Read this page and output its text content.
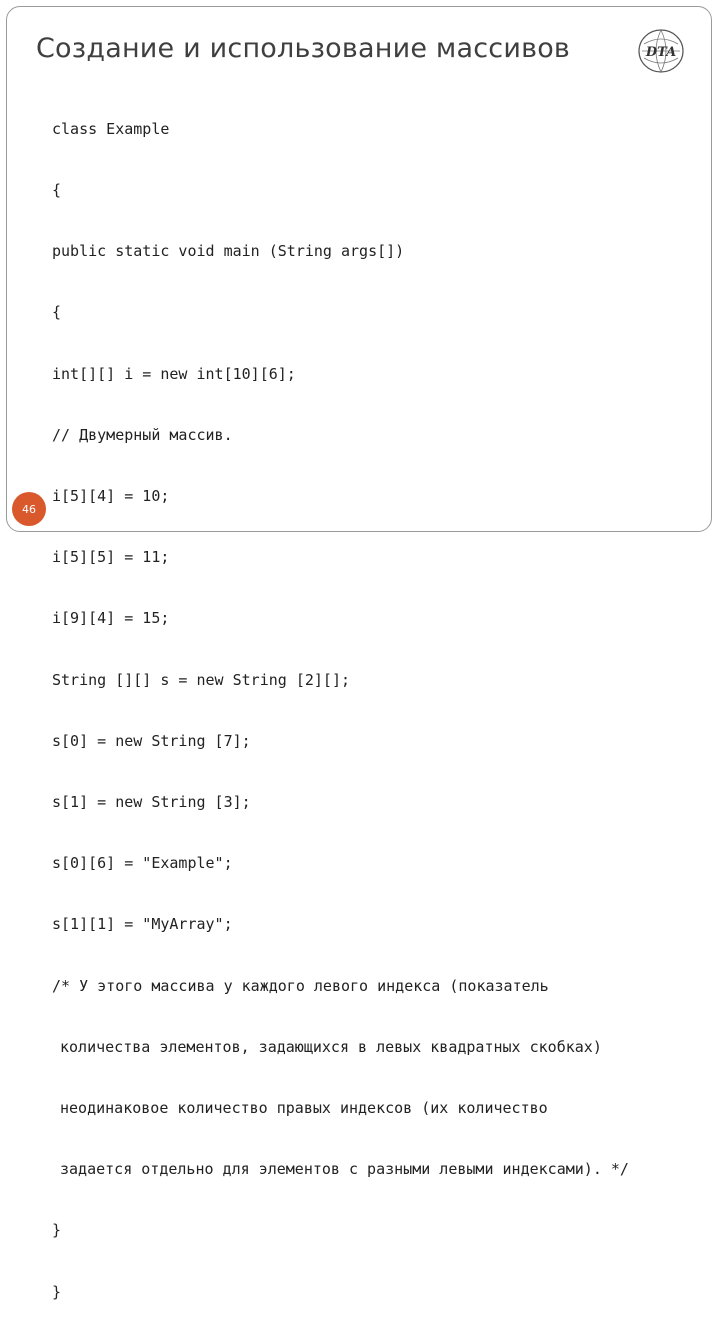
Создание и использование массивов	DTA

class Example

{

public static void main (String args[])

{

int[][] i = new int[10][6];

// Двумерный массив.

i[5][4] = 10;

i[5][5] = 11;

i[9][4] = 15;

String [][] s = new String [2][];

s[0] = new String [7];

s[1] = new String [3];

s[0][6] = "Example";

s[1][1] = "MyArray";

/* У этого массива у каждого левого индекса (показатель

количества элементов, задающихся в левых квадратных скобках)

неодинаковое количество правых индексов (их количество

задается отдельно для элементов с разными левыми индексами). */

}

}

46
